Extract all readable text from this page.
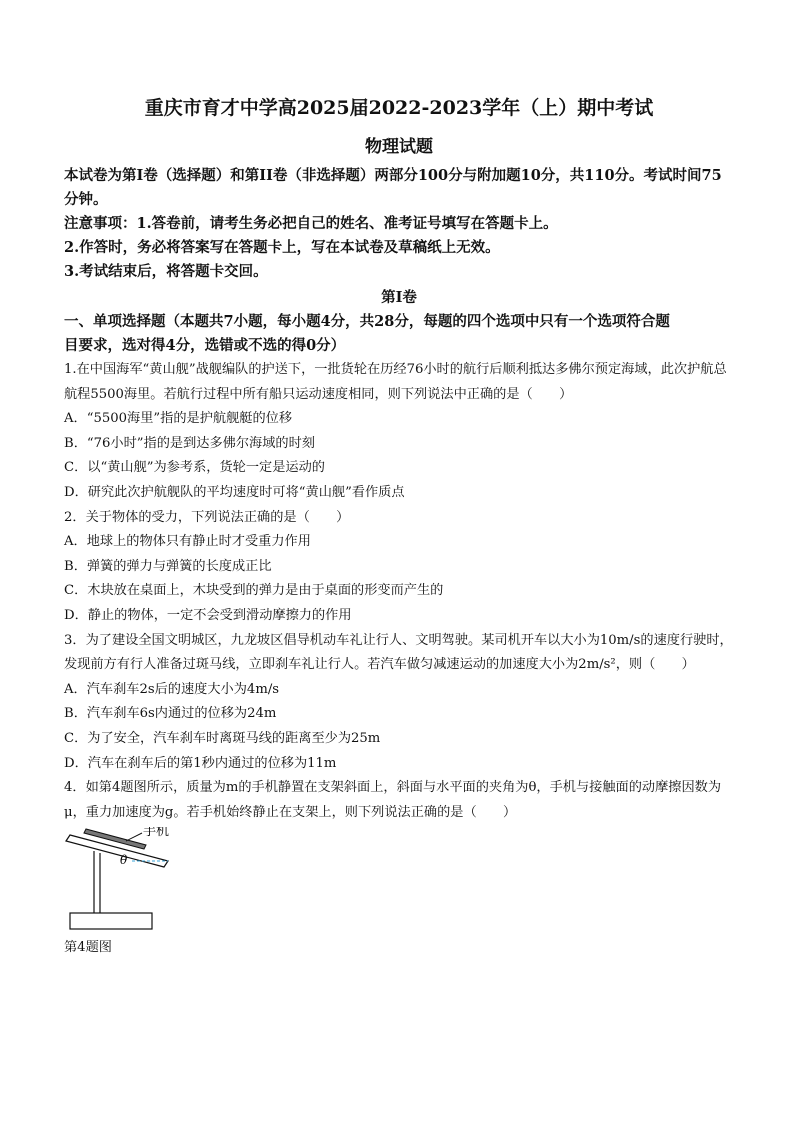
重庆市育才中学高2025届2022-2023学年（上）期中考试
物理试题
本试卷为第I卷（选择题）和第II卷（非选择题）两部分100分与附加题10分，共110分。考试时间75分钟。
注意事项：1.答卷前，请考生务必把自己的姓名、准考证号填写在答题卡上。
2.作答时，务必将答案写在答题卡上，写在本试卷及草稿纸上无效。
3.考试结束后，将答题卡交回。
第I卷
一、单项选择题（本题共7小题，每小题4分，共28分，每题的四个选项中只有一个选项符合题
目要求，选对得4分，选错或不选的得0分）
1.在中国海军“黄山舰”战舰编队的护送下，一批货轮在历经76小时的航行后顺利抵达多佛尔预定海域，此次护航总航程5500海里。若航行过程中所有船只运动速度相同，则下列说法中正确的是（　　）
A．“5500海里”指的是护航舰艇的位移
B．“76小时”指的是到达多佛尔海域的时刻
C．以“黄山舰”为参考系，货轮一定是运动的
D．研究此次护航舰队的平均速度时可将“黄山舰”看作质点
2．关于物体的受力，下列说法正确的是（　　）
A．地球上的物体只有静止时才受重力作用
B．弹簧的弹力与弹簧的长度成正比
C．木块放在桌面上，木块受到的弹力是由于桌面的形变而产生的
D．静止的物体，一定不会受到滑动摩擦力的作用
3．为了建设全国文明城区，九龙坡区倡导机动车礼让行人、文明驾驶。某司机开车以大小为10m/s的速度行驶时，发现前方有行人准备过斑马线，立即刹车礼让行人。若汽车做匀减速运动的加速度大小为2m/s²，则（　　）
A．汽车刹车2s后的速度大小为4m/s
B．汽车刹车6s内通过的位移为24m
C．为了安全，汽车刹车时离斑马线的距离至少为25m
D．汽车在刹车后的第1秒内通过的位移为11m
4．如第4题图所示，质量为m的手机静置在支架斜面上，斜面与水平面的夹角为θ，手机与接触面的动摩擦因数为μ，重力加速度为g。若手机始终静止在支架上，则下列说法正确的是（　　）
手机
θ
第4题图
